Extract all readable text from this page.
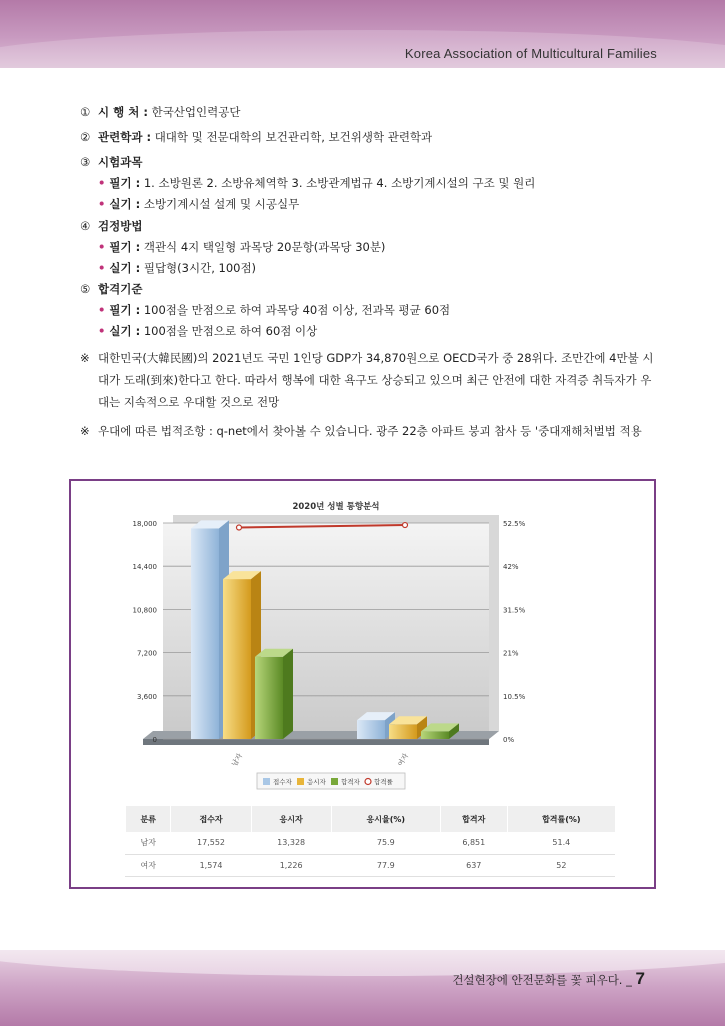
Korea Association of Multicultural Families
① 시 행 처 : 한국산업인력공단
② 관련학과 : 대대학 및 전문대학의 보건관리학, 보건위생학 관련학과
③ 시험과목
• 필기 : 1. 소방원론 2. 소방유체역학 3. 소방관계법규 4. 소방기계시설의 구조 및 원리
• 실기 : 소방기계시설 설계 및 시공실무
④ 검정방법
• 필기 : 객관식 4지 택일형 과목당 20문항(과목당 30분)
• 실기 : 필답형(3시간, 100점)
⑤ 합격기준
• 필기 : 100점을 만점으로 하여 과목당 40점 이상, 전과목 평균 60점
• 실기 : 100점을 만점으로 하여 60점 이상
※ 대한민국(大韓民國)의 2021년도 국민 1인당 GDP가 34,870원으로 OECD국가 중 28위다. 조만간에 4만불 시대가 도래(到來)한다고 한다. 따라서 행복에 대한 욕구도 상승되고 있으며 최근 안전에 대한 자격증 취득자가 우대는 지속적으로 우대할 것으로 전망
※ 우대에 따른 법적조항 : q-net에서 찾아볼 수 있습니다. 광주 22층 아파트 붕괴 참사 등 '중대재해처벌법 적용
0
3,600
7,200
10,800
14,400
18,000
0%
10.5%
21%
31.5%
42%
52.5%
2020년 성별 통향분석
남자	여자
접수자 응시자 합격자 합격률
분류	접수자	응시자	응시율(%)	합격자	합격률(%)
남자	17,552	13,328	75.9	6,851	51.4
여자	1,574	1,226	77.9	637	52
건설현장에 안전문화를 꽃 피우다. _ 7
